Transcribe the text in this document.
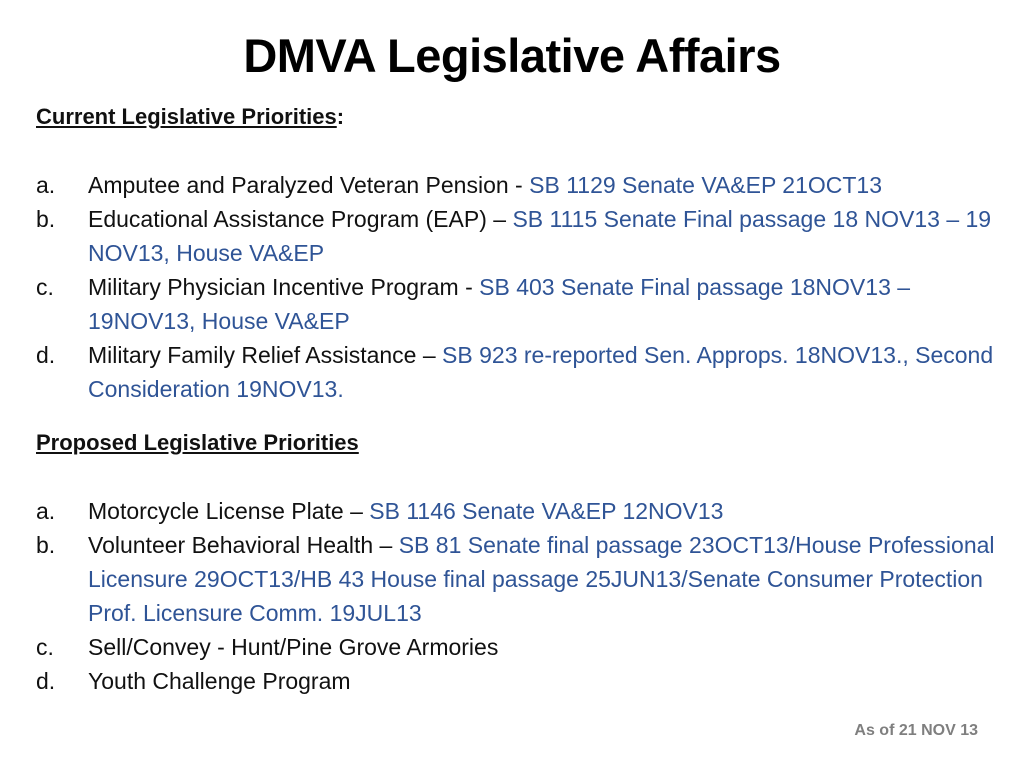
DMVA Legislative Affairs
Current Legislative Priorities:
a.	Amputee and Paralyzed Veteran Pension - SB 1129 Senate VA&EP 21OCT13
b.	Educational Assistance Program (EAP) – SB 1115 Senate Final passage 18 NOV13 – 19 NOV13, House VA&EP
c.	Military Physician Incentive Program - SB 403 Senate Final passage 18NOV13 – 19NOV13, House VA&EP
d.	Military Family Relief Assistance – SB 923 re-reported Sen. Approps. 18NOV13., Second Consideration 19NOV13.
Proposed Legislative Priorities
a.	Motorcycle License Plate – SB 1146 Senate VA&EP 12NOV13
b.	Volunteer Behavioral Health – SB 81 Senate final passage 23OCT13/House Professional Licensure 29OCT13/HB 43 House final passage 25JUN13/Senate Consumer Protection Prof. Licensure Comm. 19JUL13
c.	Sell/Convey - Hunt/Pine Grove Armories
d.	Youth Challenge Program
As of 21 NOV 13
